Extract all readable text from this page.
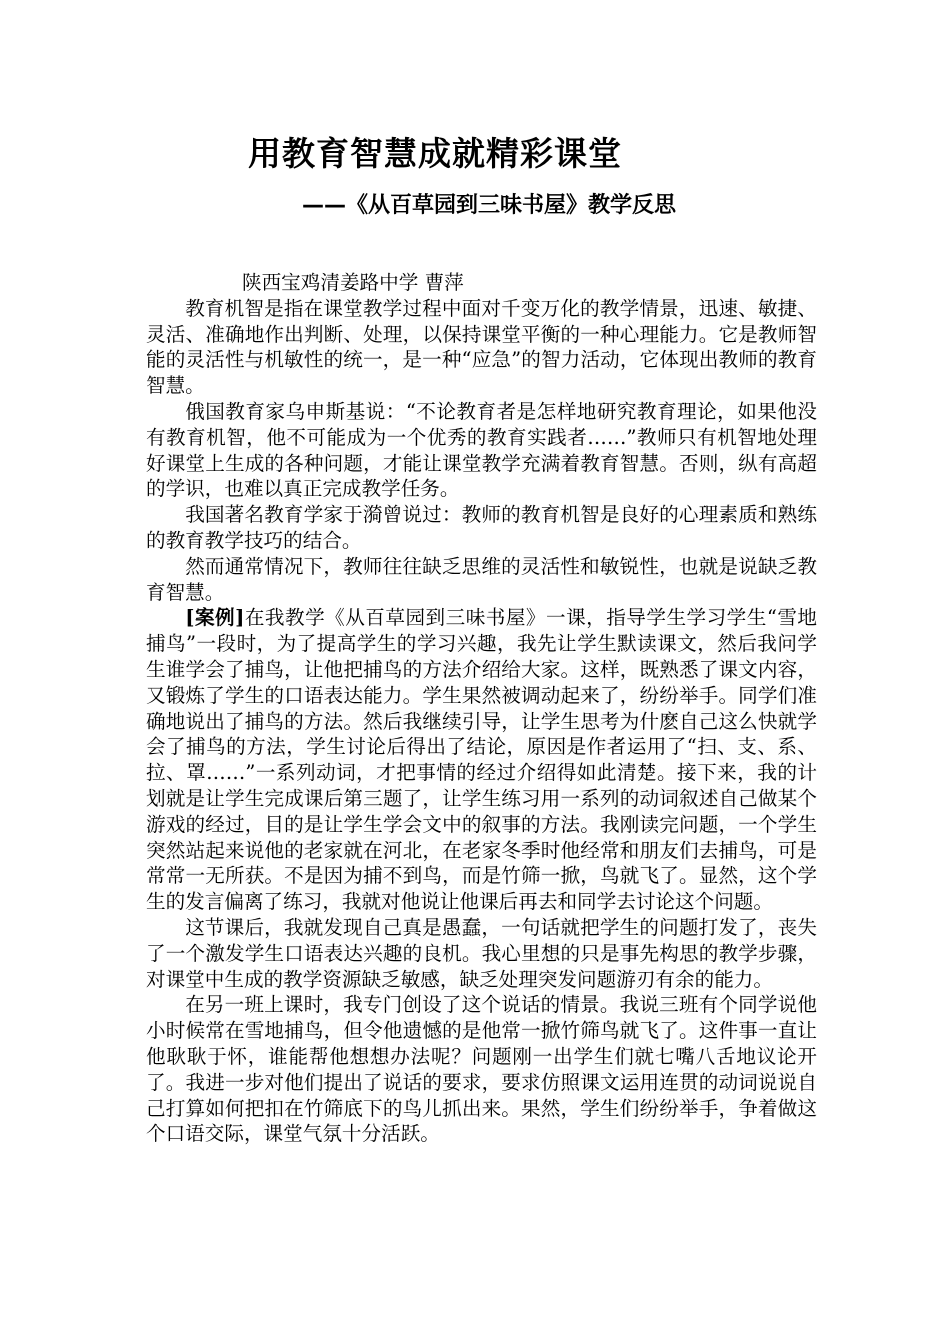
用教育智慧成就精彩课堂
——《从百草园到三味书屋》教学反思

陕西宝鸡清姜路中学 曹萍

教育机智是指在课堂教学过程中面对千变万化的教学情景，迅速、敏捷、灵活、准确地作出判断、处理，以保持课堂平衡的一种心理能力。它是教师智能的灵活性与机敏性的统一，是一种“应急”的智力活动，它体现出教师的教育智慧。

俄国教育家乌申斯基说：“不论教育者是怎样地研究教育理论，如果他没有教育机智，他不可能成为一个优秀的教育实践者……”教师只有机智地处理好课堂上生成的各种问题，才能让课堂教学充满着教育智慧。否则，纵有高超的学识，也难以真正完成教学任务。

我国著名教育学家于漪曾说过：教师的教育机智是良好的心理素质和熟练的教育教学技巧的结合。

然而通常情况下，教师往往缺乏思维的灵活性和敏锐性，也就是说缺乏教育智慧。

[案例]在我教学《从百草园到三味书屋》一课，指导学生学习学生“雪地捕鸟”一段时，为了提高学生的学习兴趣，我先让学生默读课文，然后我问学生谁学会了捕鸟，让他把捕鸟的方法介绍给大家。这样，既熟悉了课文内容，又锻炼了学生的口语表达能力。学生果然被调动起来了，纷纷举手。同学们准确地说出了捕鸟的方法。然后我继续引导，让学生思考为什麽自己这么快就学会了捕鸟的方法，学生讨论后得出了结论，原因是作者运用了“扫、支、系、拉、罩……”一系列动词，才把事情的经过介绍得如此清楚。接下来，我的计划就是让学生完成课后第三题了，让学生练习用一系列的动词叙述自己做某个游戏的经过，目的是让学生学会文中的叙事的方法。我刚读完问题，一个学生突然站起来说他的老家就在河北，在老家冬季时他经常和朋友们去捕鸟，可是常常一无所获。不是因为捕不到鸟，而是竹筛一掀，鸟就飞了。显然，这个学生的发言偏离了练习，我就对他说让他课后再去和同学去讨论这个问题。

这节课后，我就发现自己真是愚蠢，一句话就把学生的问题打发了，丧失了一个激发学生口语表达兴趣的良机。我心里想的只是事先构思的教学步骤，对课堂中生成的教学资源缺乏敏感，缺乏处理突发问题游刃有余的能力。

在另一班上课时，我专门创设了这个说话的情景。我说三班有个同学说他小时候常在雪地捕鸟，但令他遗憾的是他常一掀竹筛鸟就飞了。这件事一直让他耿耿于怀，谁能帮他想想办法呢？问题刚一出学生们就七嘴八舌地议论开了。我进一步对他们提出了说话的要求，要求仿照课文运用连贯的动词说说自己打算如何把扣在竹筛底下的鸟儿抓出来。果然，学生们纷纷举手，争着做这个口语交际，课堂气氛十分活跃。
